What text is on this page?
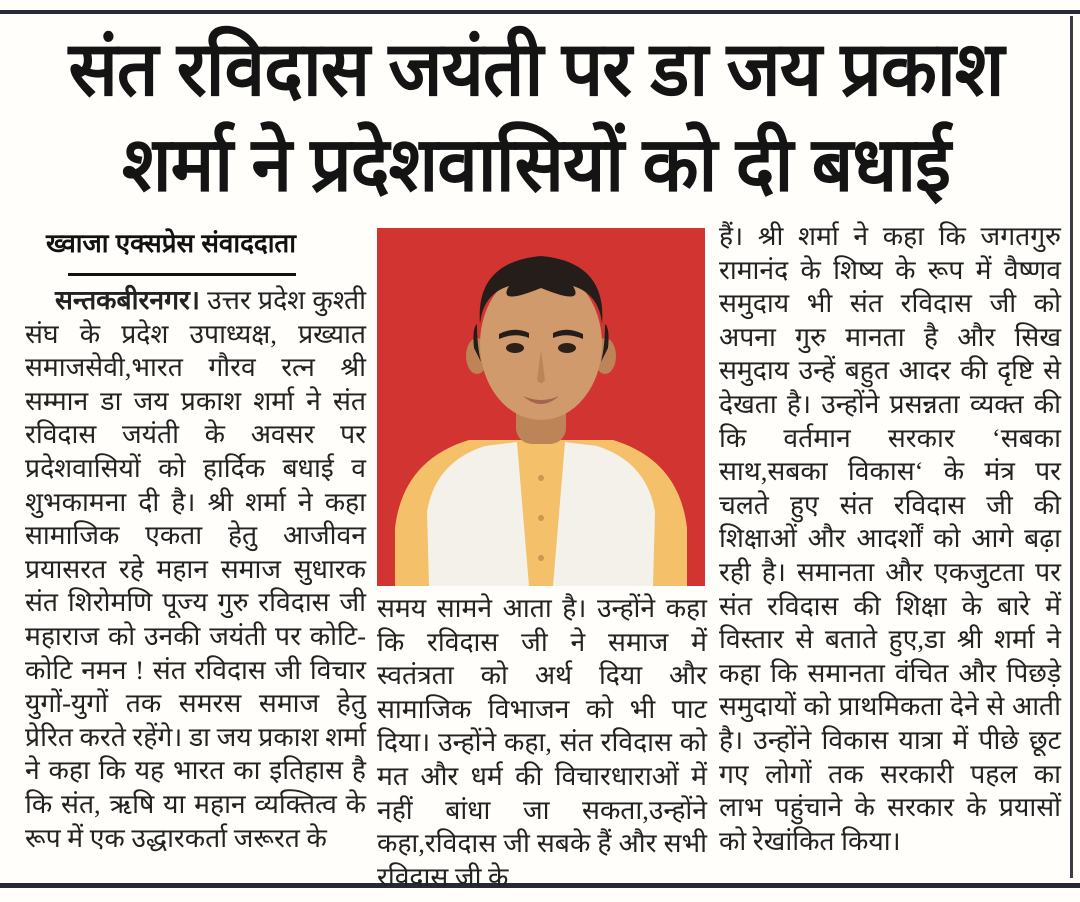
संत रविदास जयंती पर डा जय प्रकाश
शर्मा ने प्रदेशवासियों को दी बधाई
ख्वाजा एक्सप्रेस संवाददाता

सन्तकबीरनगर। उत्तर प्रदेश कुश्ती संघ के प्रदेश उपाध्यक्ष, प्रख्यात समाजसेवी,भारत गौरव रत्न श्री सम्मान डा जय प्रकाश शर्मा ने संत रविदास जयंती के अवसर पर प्रदेशवासियों को हार्दिक बधाई व शुभकामना दी है। श्री शर्मा ने कहा सामाजिक एकता हेतु आजीवन प्रयासरत रहे महान समाज सुधारक संत शिरोमणि पूज्य गुरु रविदास जी महाराज को उनकी जयंती पर कोटि-कोटि नमन ! संत रविदास जी विचार युगों-युगों तक समरस समाज हेतु प्रेरित करते रहेंगे। डा जय प्रकाश शर्मा ने कहा कि यह भारत का इतिहास है कि संत, ऋषि या महान व्यक्तित्व के रूप में एक उद्धारकर्ता जरूरत के

समय सामने आता है। उन्होंने कहा कि रविदास जी ने समाज में स्वतंत्रता को अर्थ दिया और सामाजिक विभाजन को भी पाट दिया। उन्होंने कहा, संत रविदास को मत और धर्म की विचारधाराओं में नहीं बांधा जा सकता,उन्होंने कहा,रविदास जी सबके हैं और सभी रविदास जी के

हैं। श्री शर्मा ने कहा कि जगतगुरु रामानंद के शिष्य के रूप में वैष्णव समुदाय भी संत रविदास जी को अपना गुरु मानता है और सिख समुदाय उन्हें बहुत आदर की दृष्टि से देखता है। उन्होंने प्रसन्नता व्यक्त की कि वर्तमान सरकार ‘सबका साथ,सबका विकास‘ के मंत्र पर चलते हुए संत रविदास जी की शिक्षाओं और आदर्शों को आगे बढ़ा रही है। समानता और एकजुटता पर संत रविदास की शिक्षा के बारे में विस्तार से बताते हुए,डा श्री शर्मा ने कहा कि समानता वंचित और पिछड़े समुदायों को प्राथमिकता देने से आती है। उन्होंने विकास यात्रा में पीछे छूट गए लोगों तक सरकारी पहल का लाभ पहुंचाने के सरकार के प्रयासों को रेखांकित किया।
